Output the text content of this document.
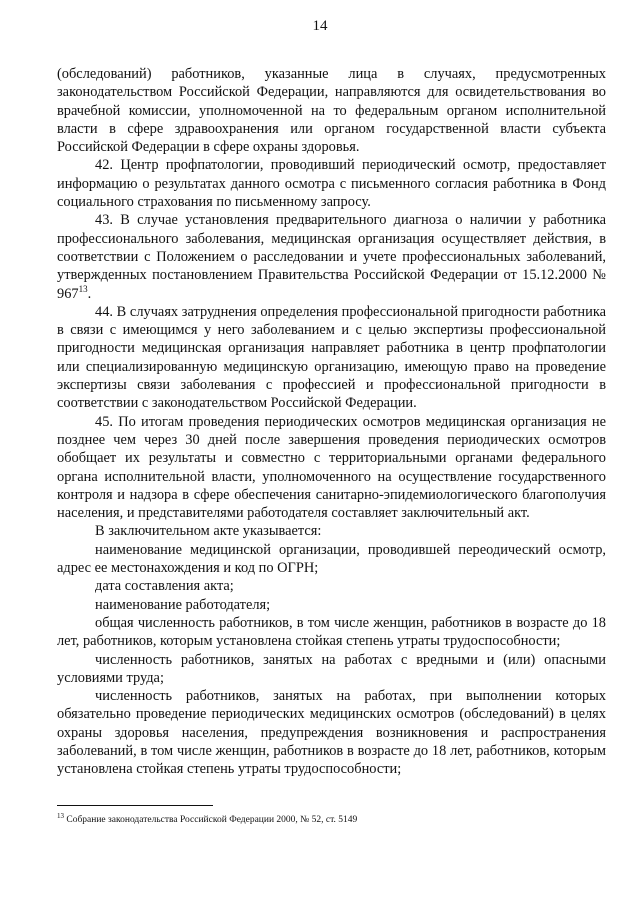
14

(обследований) работников, указанные лица в случаях, предусмотренных законодательством Российской Федерации, направляются для освидетельствования во врачебной комиссии, уполномоченной на то федеральным органом исполнительной власти в сфере здравоохранения или органом государственной власти субъекта Российской Федерации в сфере охраны здоровья.

42. Центр профпатологии, проводивший периодический осмотр, предоставляет информацию о результатах данного осмотра с письменного согласия работника в Фонд социального страхования по письменному запросу.

43. В случае установления предварительного диагноза о наличии у работника профессионального заболевания, медицинская организация осуществляет действия, в соответствии с Положением о расследовании и учете профессиональных заболеваний, утвержденных постановлением Правительства Российской Федерации от 15.12.2000 № $967^{13}$.

44. В случаях затруднения определения профессиональной пригодности работника в связи с имеющимся у него заболеванием и с целью экспертизы профессиональной пригодности медицинская организация направляет работника в центр профпатологии или специализированную медицинскую организацию, имеющую право на проведение экспертизы связи заболевания с профессией и профессиональной пригодности в соответствии с законодательством Российской Федерации.

45. По итогам проведения периодических осмотров медицинская организация не позднее чем через 30 дней после завершения проведения периодических осмотров обобщает их результаты и совместно с территориальными органами федерального органа исполнительной власти, уполномоченного на осуществление государственного контроля и надзора в сфере обеспечения санитарно-эпидемиологического благополучия населения, и представителями работодателя составляет заключительный акт.

В заключительном акте указывается:

наименование медицинской организации, проводившей переодический осмотр, адрес ее местонахождения и код по ОГРН;

дата составления акта;

наименование работодателя;

общая численность работников, в том числе женщин, работников в возрасте до 18 лет, работников, которым установлена стойкая степень утраты трудоспособности;

численность работников, занятых на работах с вредными и (или) опасными условиями труда;

численность работников, занятых на работах, при выполнении которых обязательно проведение периодических медицинских осмотров (обследований) в целях охраны здоровья населения, предупреждения возникновения и распространения заболеваний, в том числе женщин, работников в возрасте до 18 лет, работников, которым установлена стойкая степень утраты трудоспособности;

$^{13}$ Собрание законодательства Российской Федерации 2000, № 52, ст. 5149
